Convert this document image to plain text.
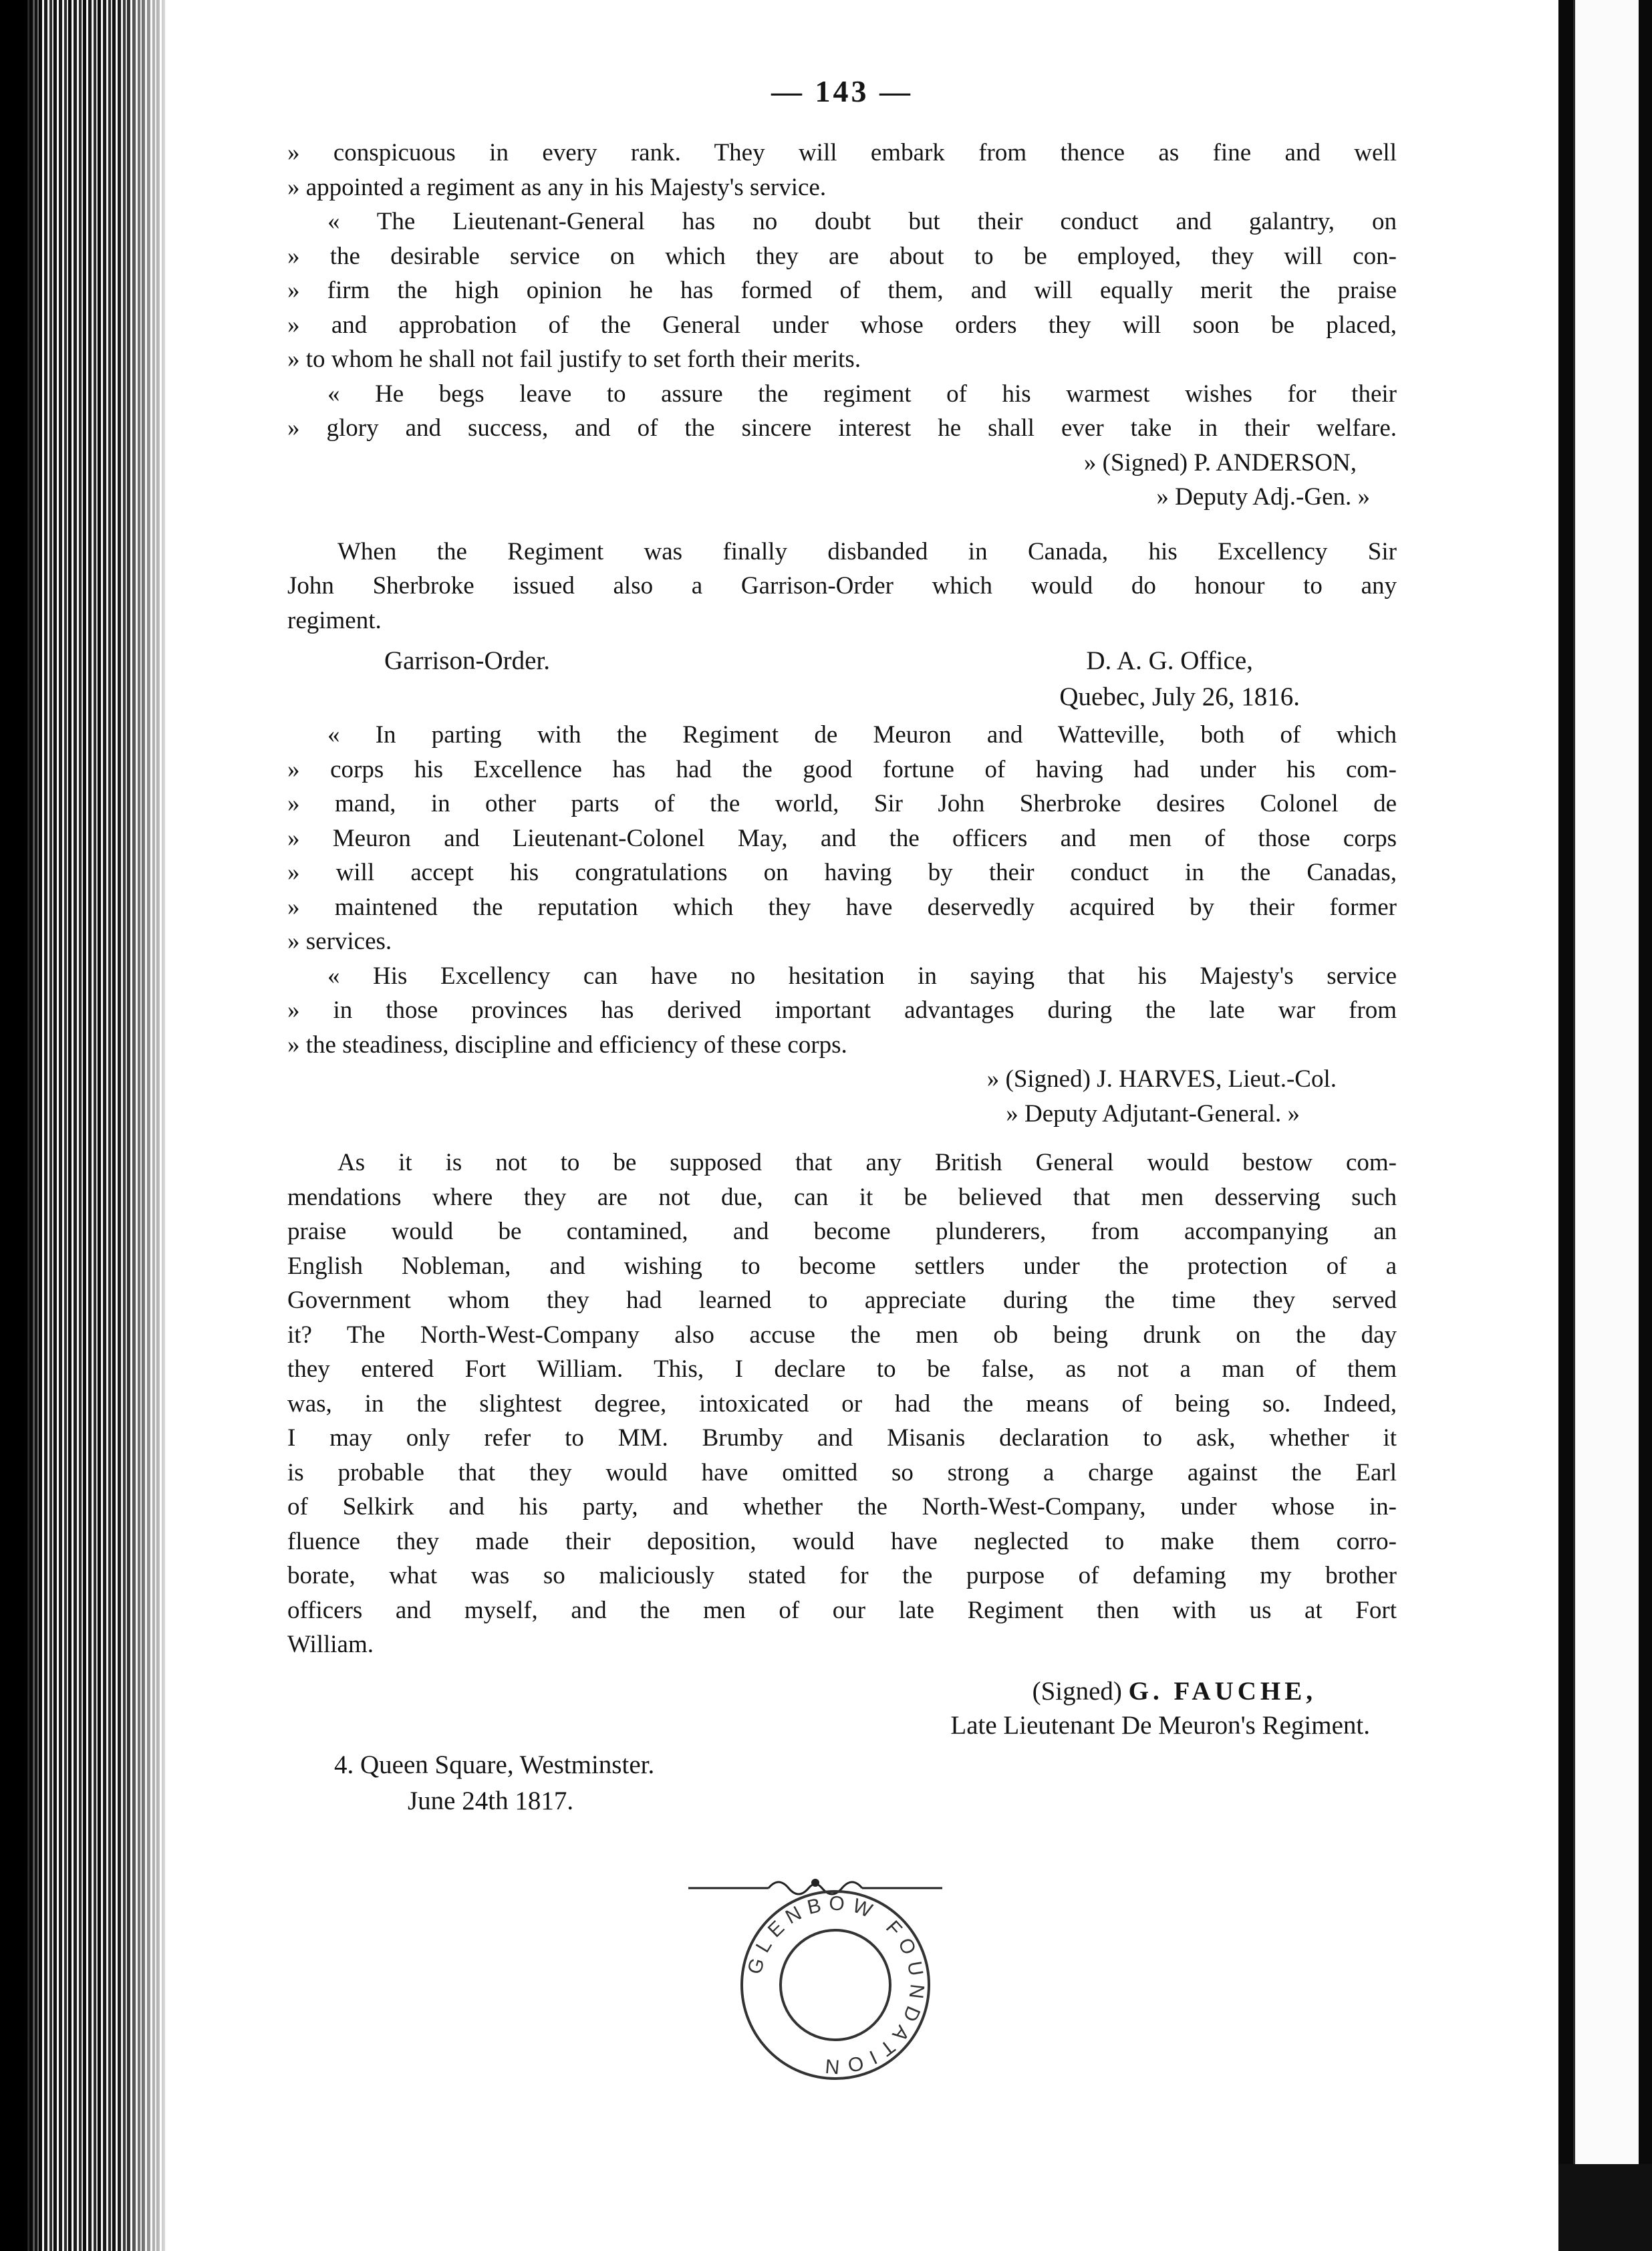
— 143 —
» conspicuous in every rank. They will embark from thence as fine and well
» appointed a regiment as any in his Majesty's service.
« The Lieutenant-General has no doubt but their conduct and galantry, on
» the desirable service on which they are about to be employed, they will con-
» firm the high opinion he has formed of them, and will equally merit the praise
» and approbation of the General under whose orders they will soon be placed,
» to whom he shall not fail justify to set forth their merits.
« He begs leave to assure the regiment of his warmest wishes for their
» glory and success, and of the sincere interest he shall ever take in their welfare.
» (Signed) P. ANDERSON,
» Deputy Adj.-Gen. »
When the Regiment was finally disbanded in Canada, his Excellency Sir
John Sherbroke issued also a Garrison-Order which would do honour to any
regiment.
Garrison-Order.	D. A. G. Office,
Quebec, July 26, 1816.
« In parting with the Regiment de Meuron and Watteville, both of which
» corps his Excellence has had the good fortune of having had under his com-
» mand, in other parts of the world, Sir John Sherbroke desires Colonel de
» Meuron and Lieutenant-Colonel May, and the officers and men of those corps
» will accept his congratulations on having by their conduct in the Canadas,
» maintened the reputation which they have deservedly acquired by their former
» services.
« His Excellency can have no hesitation in saying that his Majesty's service
» in those provinces has derived important advantages during the late war from
» the steadiness, discipline and efficiency of these corps.
» (Signed) J. HARVES, Lieut.-Col.
» Deputy Adjutant-General. »
As it is not to be supposed that any British General would bestow com-
mendations where they are not due, can it be believed that men desserving such
praise would be contamined, and become plunderers, from accompanying an
English Nobleman, and wishing to become settlers under the protection of a
Government whom they had learned to appreciate during the time they served
it? The North-West-Company also accuse the men ob being drunk on the day
they entered Fort William. This, I declare to be false, as not a man of them
was, in the slightest degree, intoxicated or had the means of being so. Indeed,
I may only refer to MM. Brumby and Misanis declaration to ask, whether it
is probable that they would have omitted so strong a charge against the Earl
of Selkirk and his party, and whether the North-West-Company, under whose in-
fluence they made their deposition, would have neglected to make them corro-
borate, what was so maliciously stated for the purpose of defaming my brother
officers and myself, and the men of our late Regiment then with us at Fort
William.
(Signed) G. FAUCHE,
Late Lieutenant De Meuron's Regiment.
4. Queen Square, Westminster.
June 24th 1817.
GLENBOW FOUNDATION
